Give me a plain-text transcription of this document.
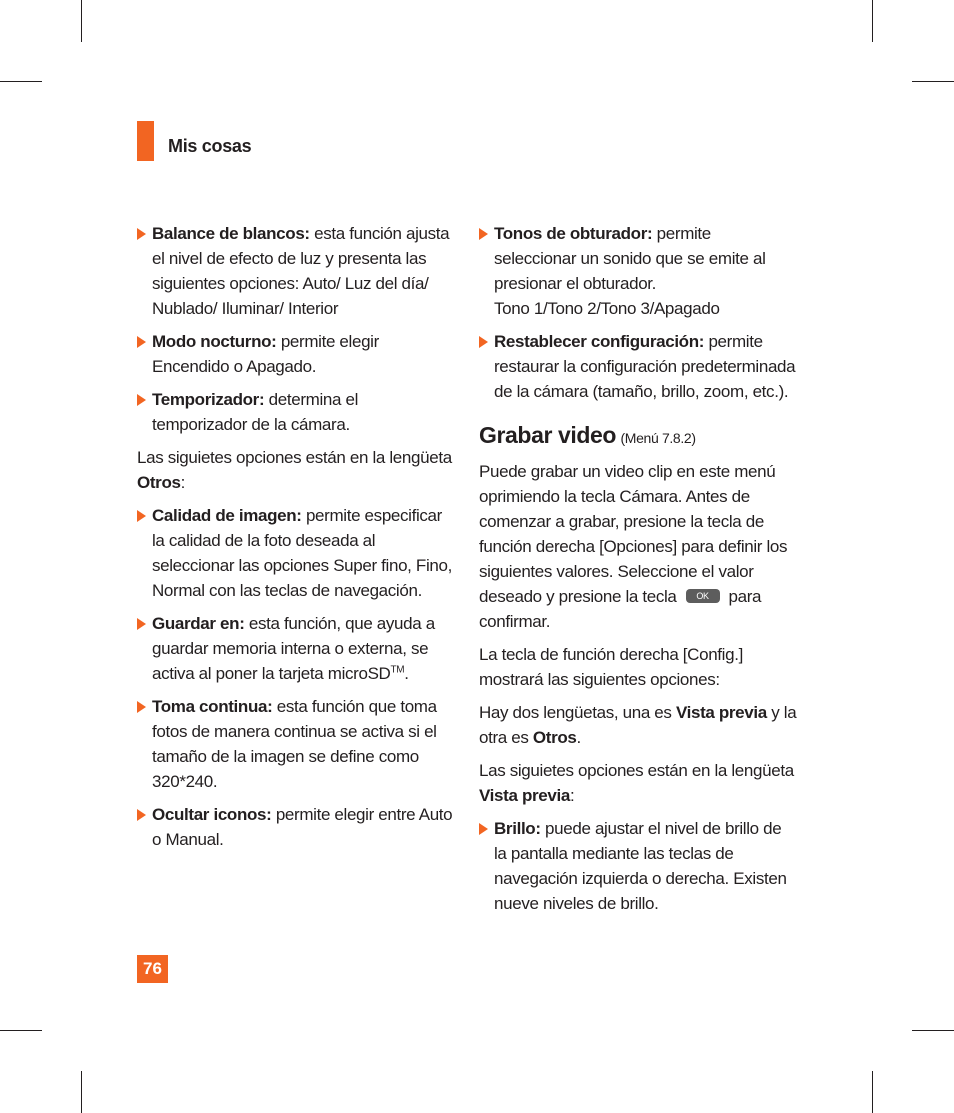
Mis cosas
Balance de blancos: esta función ajusta el nivel de efecto de luz y presenta las siguientes opciones: Auto/ Luz del día/ Nublado/ Iluminar/ Interior
Modo nocturno: permite elegir Encendido o Apagado.
Temporizador: determina el temporizador de la cámara.
Las siguietes opciones están en la lengüeta
Otros:
Calidad de imagen: permite especificar la calidad de la foto deseada al seleccionar las opciones Super fino, Fino, Normal con las teclas de navegación.
Guardar en: esta función, que ayuda a guardar memoria interna o externa, se activa al poner la tarjeta microSD™.
Toma continua: esta función que toma fotos de manera continua se activa si el tamaño de la imagen se define como 320*240.
Ocultar iconos: permite elegir entre Auto o Manual.
Tonos de obturador: permite seleccionar un sonido que se emite al presionar el obturador.
Tono 1/Tono 2/Tono 3/Apagado
Restablecer configuración: permite restaurar la configuración predeterminada de la cámara (tamaño, brillo, zoom, etc.).
Grabar video (Menú 7.8.2)
Puede grabar un video clip en este menú oprimiendo la tecla Cámara. Antes de comenzar a grabar, presione la tecla de función derecha [Opciones] para definir los siguientes valores. Seleccione el valor deseado y presione la tecla OK para confirmar.
La tecla de función derecha [Config.] mostrará las siguientes opciones:
Hay dos lengüetas, una es Vista previa y la otra es Otros.
Las siguietes opciones están en la lengüeta
Vista previa:
Brillo: puede ajustar el nivel de brillo de la pantalla mediante las teclas de navegación izquierda o derecha. Existen nueve niveles de brillo.
76
